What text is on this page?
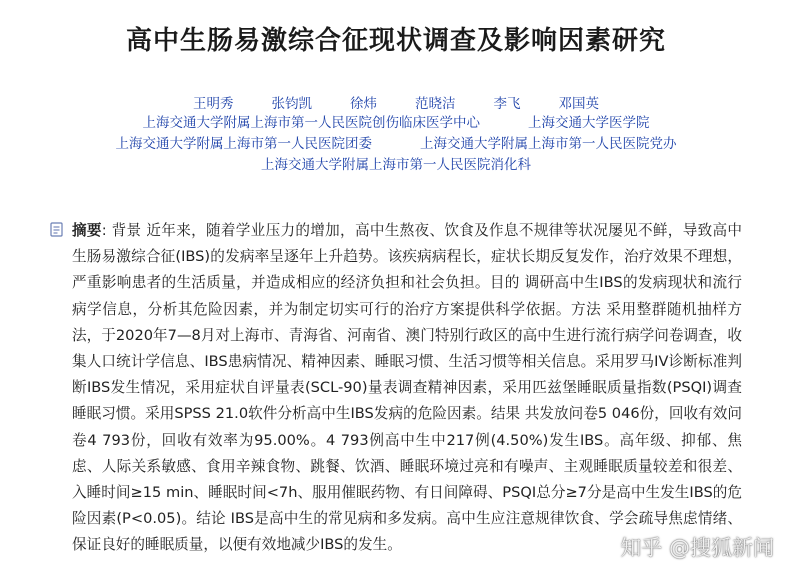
高中生肠易激综合征现状调查及影响因素研究
王明秀	张钧凯	徐炜	范晓洁	李飞	邓国英
上海交通大学附属上海市第一人民医院创伤临床医学中心	上海交通大学医学院
上海交通大学附属上海市第一人民医院团委	上海交通大学附属上海市第一人民医院党办
上海交通大学附属上海市第一人民医院消化科
摘要: 背景 近年来，随着学业压力的增加，高中生熬夜、饮食及作息不规律等状况屡见不鲜，导致高中生肠易激综合征(IBS)的发病率呈逐年上升趋势。该疾病病程长，症状长期反复发作，治疗效果不理想，严重影响患者的生活质量，并造成相应的经济负担和社会负担。目的 调研高中生IBS的发病现状和流行病学信息，分析其危险因素，并为制定切实可行的治疗方案提供科学依据。方法 采用整群随机抽样方法，于2020年7—8月对上海市、青海省、河南省、澳门特别行政区的高中生进行流行病学问卷调查，收集人口统计学信息、IBS患病情况、精神因素、睡眠习惯、生活习惯等相关信息。采用罗马IV诊断标准判断IBS发生情况，采用症状自评量表(SCL-90)量表调查精神因素，采用匹兹堡睡眠质量指数(PSQI)调查睡眠习惯。采用SPSS 21.0软件分析高中生IBS发病的危险因素。结果 共发放问卷5 046份，回收有效问卷4 793份，回收有效率为95.00%。4 793例高中生中217例(4.50%)发生IBS。高年级、抑郁、焦虑、人际关系敏感、食用辛辣食物、跳餐、饮酒、睡眠环境过亮和有噪声、主观睡眠质量较差和很差、入睡时间≥15 min、睡眠时间<7h、服用催眠药物、有日间障碍、PSQI总分≥7分是高中生发生IBS的危险因素(P<0.05)。结论 IBS是高中生的常见病和多发病。高中生应注意规律饮食、学会疏导焦虑情绪、保证良好的睡眠质量，以便有效地减少IBS的发生。	知乎 @搜狐新闻
